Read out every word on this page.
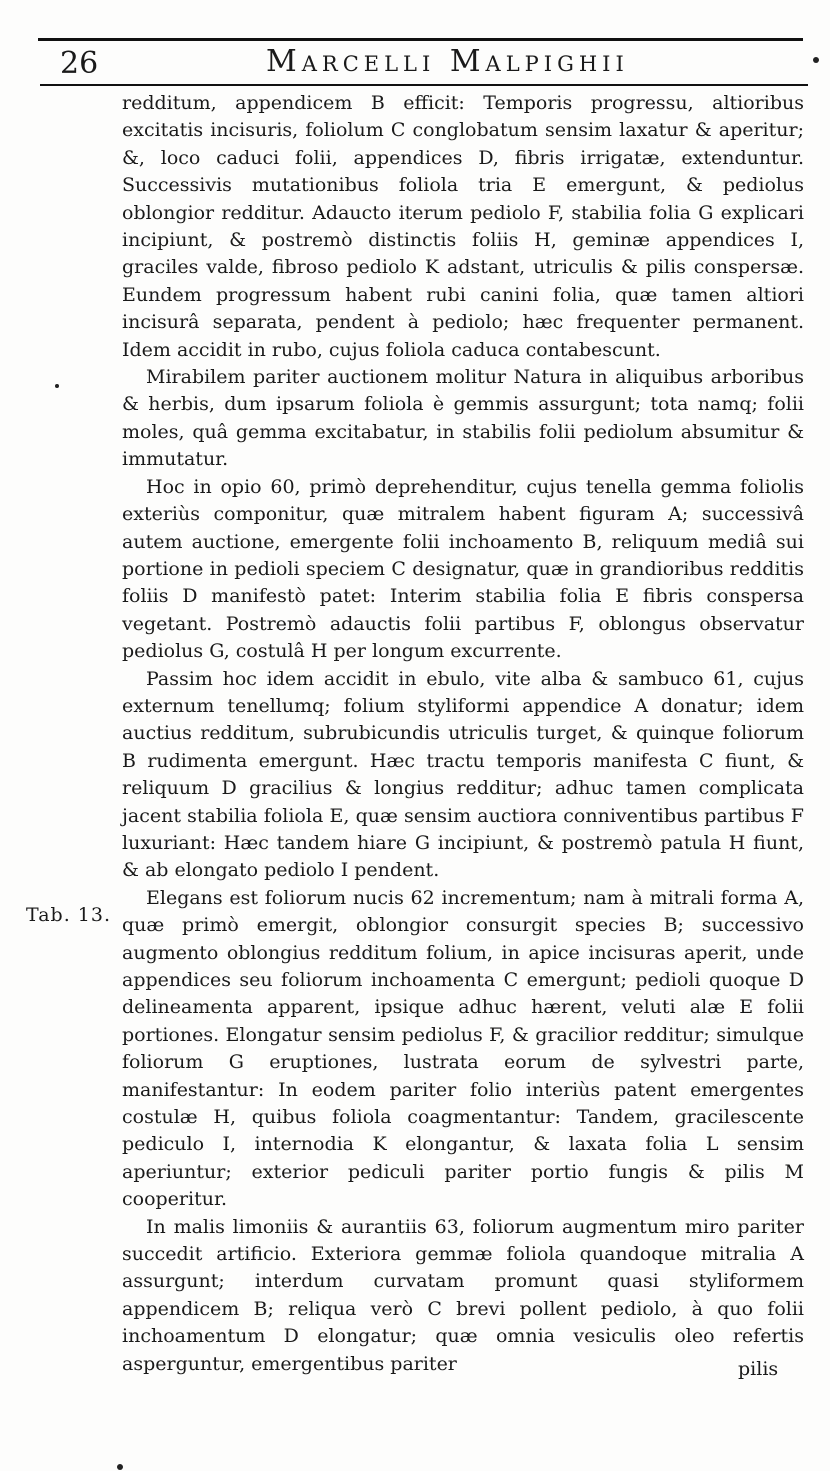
26	Marcelli Malpighii
Tab. 13.

redditum, appendicem B efficit: Temporis progressu, altioribus excitatis incisuris, foliolum C conglobatum sensim laxatur & aperitur; &, loco caduci folii, appendices D, fibris irrigatæ, extenduntur. Successivis mutationibus foliola tria E emergunt, & pediolus oblongior redditur. Adaucto iterum pediolo F, stabilia folia G explicari incipiunt, & postremò distinctis foliis H, geminæ appendices I, graciles valde, fibroso pediolo K adstant, utriculis & pilis conspersæ. Eundem progressum habent rubi canini folia, quæ tamen altiori incisurâ separata, pendent à pediolo; hæc frequenter permanent. Idem accidit in rubo, cujus foliola caduca contabescunt.

Mirabilem pariter auctionem molitur Natura in aliquibus arboribus & herbis, dum ipsarum foliola è gemmis assurgunt; tota namq; folii moles, quâ gemma excitabatur, in stabilis folii pediolum absumitur & immutatur.

Hoc in opio 60, primò deprehenditur, cujus tenella gemma foliolis exteriùs componitur, quæ mitralem habent figuram A; successivâ autem auctione, emergente folii inchoamento B, reliquum mediâ sui portione in pedioli speciem C designatur, quæ in grandioribus redditis foliis D manifestò patet: Interim stabilia folia E fibris conspersa vegetant. Postremò adauctis folii partibus F, oblongus observatur pediolus G, costulâ H per longum excurrente.

Passim hoc idem accidit in ebulo, vite alba & sambuco 61, cujus externum tenellumq; folium styliformi appendice A donatur; idem auctius redditum, subrubicundis utriculis turget, & quinque foliorum B rudimenta emergunt. Hæc tractu temporis manifesta C fiunt, & reliquum D gracilius & longius redditur; adhuc tamen complicata jacent stabilia foliola E, quæ sensim auctiora conniventibus partibus F luxuriant: Hæc tandem hiare G incipiunt, & postremò patula H fiunt, & ab elongato pediolo I pendent.

Elegans est foliorum nucis 62 incrementum; nam à mitrali forma A, quæ primò emergit, oblongior consurgit species B; successivo augmento oblongius redditum folium, in apice incisuras aperit, unde appendices seu foliorum inchoamenta C emergunt; pedioli quoque D delineamenta apparent, ipsique adhuc hærent, veluti alæ E folii portiones. Elongatur sensim pediolus F, & gracilior redditur; simulque foliorum G eruptiones, lustrata eorum de sylvestri parte, manifestantur: In eodem pariter folio interiùs patent emergentes costulæ H, quibus foliola coagmentantur: Tandem, gracilescente pediculo I, internodia K elongantur, & laxata folia L sensim aperiuntur; exterior pediculi pariter portio fungis & pilis M cooperitur.

In malis limoniis & aurantiis 63, foliorum augmentum miro pariter succedit artificio. Exteriora gemmæ foliola quandoque mitralia A assurgunt; interdum curvatam promunt quasi styliformem appendicem B; reliqua verò C brevi pollent pediolo, à quo folii inchoamentum D elongatur; quæ omnia vesiculis oleo refertis asperguntur, emergentibus pariter	pilis
